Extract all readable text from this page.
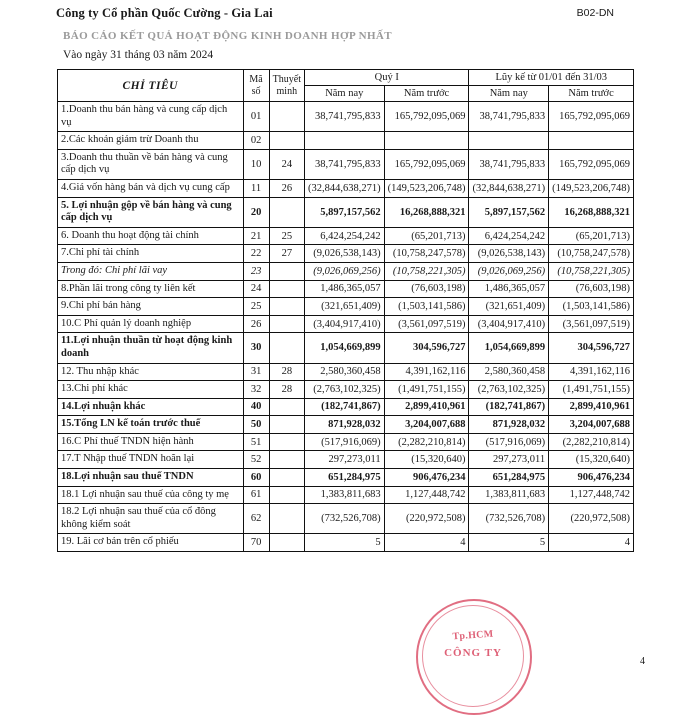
Công ty Cổ phần Quốc Cường - Gia Lai	B02-DN
BÁO CÁO KẾT QUẢ HOẠT ĐỘNG KINH DOANH HỢP NHẤT
Vào ngày 31 tháng 03 năm 2024
CHỈ TIÊU	Mã số	Thuyết minh	Quý I		Lũy kế từ 01/01 đến 31/03	
			Năm nay	Năm trước	Năm nay	Năm trước
1.Doanh thu bán hàng và cung cấp dịch vụ	01		38,741,795,833	165,792,095,069	38,741,795,833	165,792,095,069
2.Các khoản giảm trừ Doanh thu	02					
3.Doanh thu thuần về bán hàng và cung cấp dịch vụ	10	24	38,741,795,833	165,792,095,069	38,741,795,833	165,792,095,069
4.Giá vốn hàng bán và dịch vụ cung cấp	11	26	(32,844,638,271)	(149,523,206,748)	(32,844,638,271)	(149,523,206,748)
5. Lợi nhuận gộp về bán hàng và cung cấp dịch vụ	20		5,897,157,562	16,268,888,321	5,897,157,562	16,268,888,321
6. Doanh thu hoạt động tài chính	21	25	6,424,254,242	(65,201,713)	6,424,254,242	(65,201,713)
7.Chi phí tài chính	22	27	(9,026,538,143)	(10,758,247,578)	(9,026,538,143)	(10,758,247,578)
Trong đó: Chi phí lãi vay	23		(9,026,069,256)	(10,758,221,305)	(9,026,069,256)	(10,758,221,305)
8.Phần lãi trong công ty liên kết	24		1,486,365,057	(76,603,198)	1,486,365,057	(76,603,198)
9.Chi phí bán hàng	25		(321,651,409)	(1,503,141,586)	(321,651,409)	(1,503,141,586)
10.C Phí quản lý doanh nghiệp	26		(3,404,917,410)	(3,561,097,519)	(3,404,917,410)	(3,561,097,519)
11.Lợi nhuận thuần từ hoạt động kinh doanh	30		1,054,669,899	304,596,727	1,054,669,899	304,596,727
12. Thu nhập khác	31	28	2,580,360,458	4,391,162,116	2,580,360,458	4,391,162,116
13.Chi phí khác	32	28	(2,763,102,325)	(1,491,751,155)	(2,763,102,325)	(1,491,751,155)
14.Lợi nhuận khác	40		(182,741,867)	2,899,410,961	(182,741,867)	2,899,410,961
15.Tổng LN kế toán trước thuế	50		871,928,032	3,204,007,688	871,928,032	3,204,007,688
16.C Phí thuế TNDN hiện hành	51		(517,916,069)	(2,282,210,814)	(517,916,069)	(2,282,210,814)
17.T Nhập thuế TNDN hoãn lại	52		297,273,011	(15,320,640)	297,273,011	(15,320,640)
18.Lợi nhuận sau thuế TNDN	60		651,284,975	906,476,234	651,284,975	906,476,234
18.1 Lợi nhuận sau thuế của công ty mẹ	61		1,383,811,683	1,127,448,742	1,383,811,683	1,127,448,742
18.2 Lợi nhuận sau thuế của cổ đông không kiểm soát	62		(732,526,708)	(220,972,508)	(732,526,708)	(220,972,508)
19. Lãi cơ bản trên cổ phiếu	70		5	4	5	4
Tp.HCM
CÔNG TY
4
